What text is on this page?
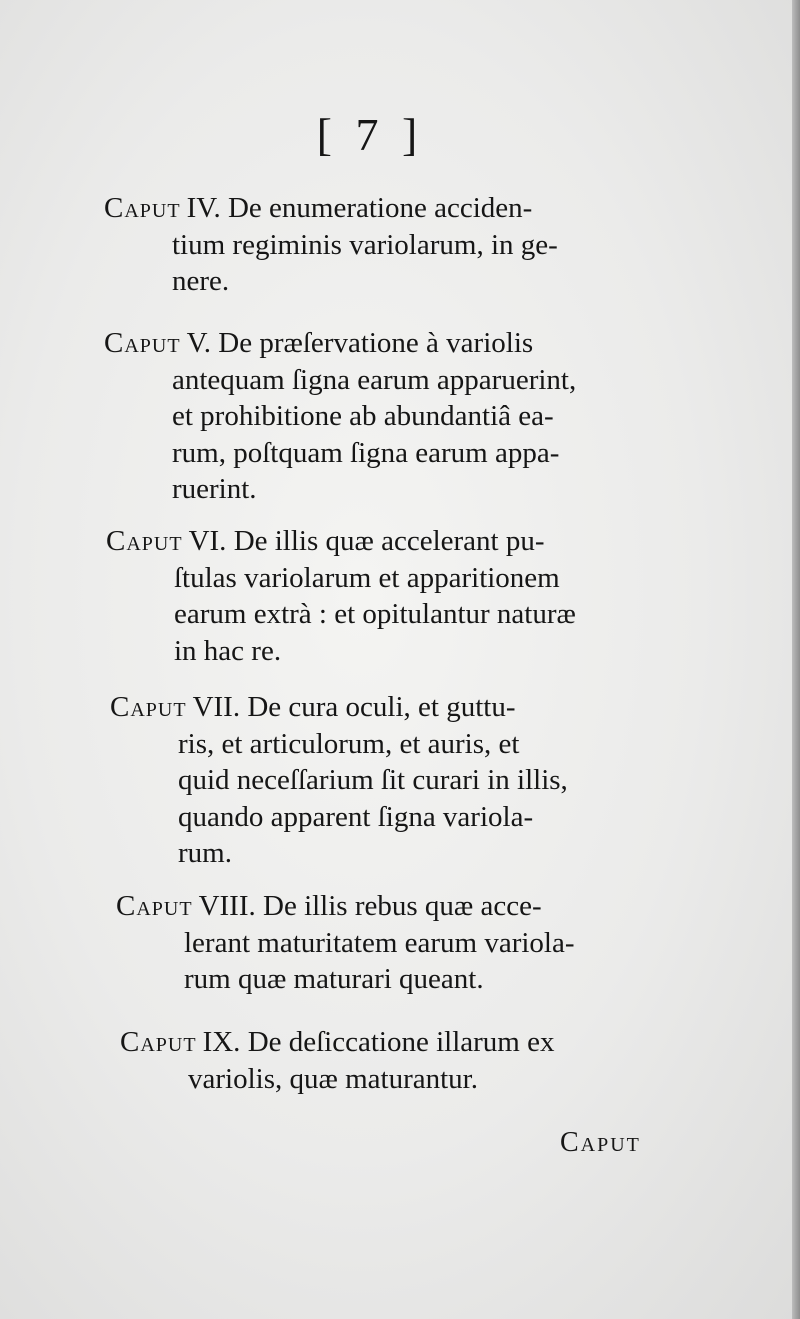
[ 7 ]
Caput IV. De enumeratione acciden-
tium regiminis variolarum, in ge-
nere.
Caput V. De præſervatione à variolis
antequam ſigna earum apparuerint,
et prohibitione ab abundantiâ ea-
rum, poſtquam ſigna earum appa-
ruerint.
Caput VI. De illis quæ accelerant pu-
ſtulas variolarum et apparitionem
earum extrà : et opitulantur naturæ
in hac re.
Caput VII. De cura oculi, et guttu-
ris, et articulorum, et auris, et
quid neceſſarium ſit curari in illis,
quando apparent ſigna variola-
rum.
Caput VIII. De illis rebus quæ acce-
lerant maturitatem earum variola-
rum quæ maturari queant.
Caput IX. De deſiccatione illarum ex
variolis, quæ maturantur.
Caput
